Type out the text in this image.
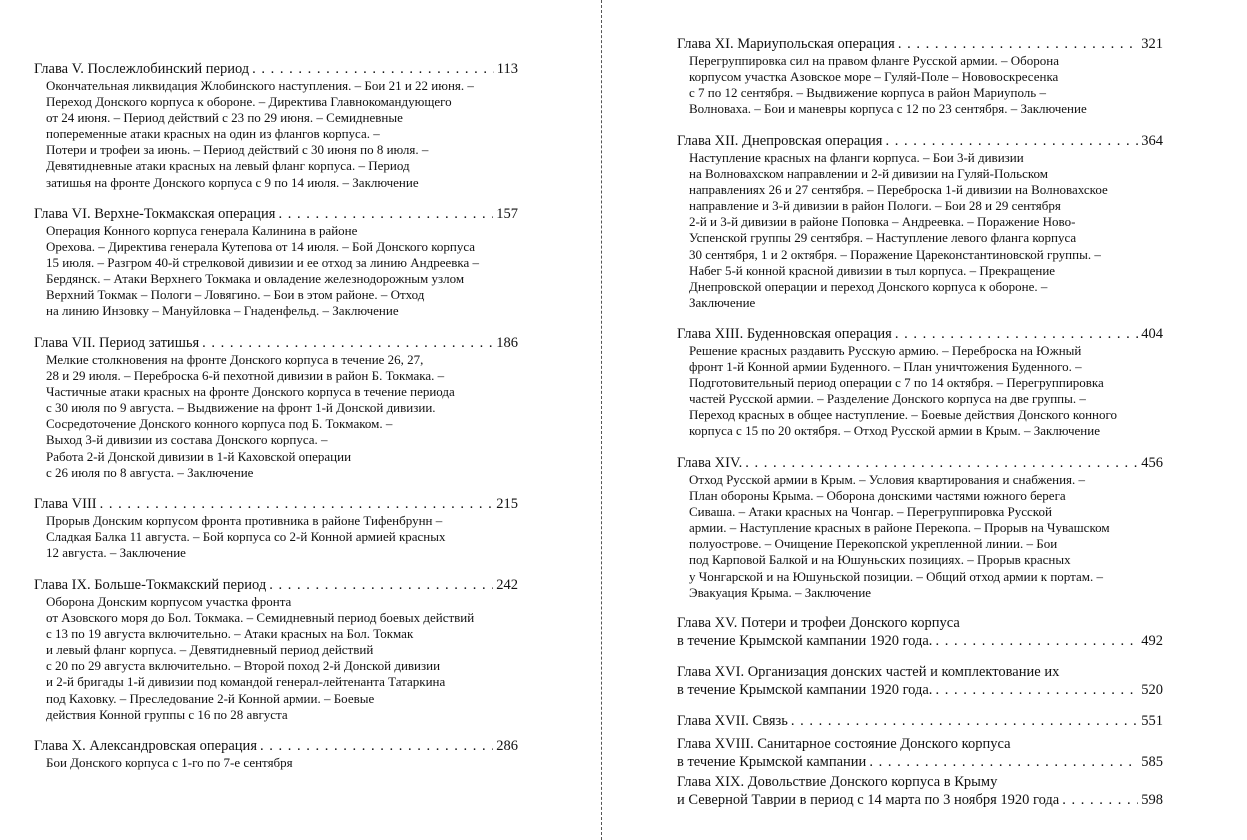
Глава V. Послежлобинский период . . .	113
Окончательная ликвидация Жлобинского наступления. – Бои 21 и 22 июня. –
Переход Донского корпуса к обороне. – Директива Главнокомандующего
от 24 июня. – Период действий с 23 по 29 июня. – Семидневные
попеременные атаки красных на один из флангов корпуса. –
Потери и трофеи за июнь. – Период действий с 30 июня по 8 июля. –
Девятидневные атаки красных на левый фланг корпуса. – Период
затишья на фронте Донского корпуса с 9 по 14 июля. – Заключение
Глава VI. Верхне-Токмакская операция . . .	157
Операция Конного корпуса генерала Калинина в районе
Орехова. – Директива генерала Кутепова от 14 июля. – Бой Донского корпуса
15 июля. – Разгром 40-й стрелковой дивизии и ее отход за линию Андреевка –
Бердянск. – Атаки Верхнего Токмака и овладение железнодорожным узлом
Верхний Токмак – Пологи – Ловягино. – Бои в этом районе. – Отход
на линию Инзовку – Мануйловка – Гнаденфельд. – Заключение
Глава VII. Период затишья . . .	186
Мелкие столкновения на фронте Донского корпуса в течение 26, 27,
28 и 29 июля. – Переброска 6-й пехотной дивизии в район Б. Токмака. –
Частичные атаки красных на фронте Донского корпуса в течение периода
с 30 июля по 9 августа. – Выдвижение на фронт 1-й Донской дивизии.
Сосредоточение Донского конного корпуса под Б. Токмаком. –
Выход 3-й дивизии из состава Донского корпуса. –
Работа 2-й Донской дивизии в 1-й Каховской операции
с 26 июля по 8 августа. – Заключение
Глава VIII . . .	215
Прорыв Донским корпусом фронта противника в районе Тифенбрунн –
Сладкая Балка 11 августа. – Бой корпуса со 2-й Конной армией красных
12 августа. – Заключение
Глава IX. Больше-Токмакский период . . .	242
Оборона Донским корпусом участка фронта
от Азовского моря до Бол. Токмака. – Семидневный период боевых действий
с 13 по 19 августа включительно. – Атаки красных на Бол. Токмак
и левый фланг корпуса. – Девятидневный период действий
с 20 по 29 августа включительно. – Второй поход 2-й Донской дивизии
и 2-й бригады 1-й дивизии под командой генерал-лейтенанта Татаркина
под Каховку. – Преследование 2-й Конной армии. – Боевые
действия Конной группы с 16 по 28 августа
Глава X. Александровская операция . . .	286
Бои Донского корпуса с 1-го по 7-е сентября
Глава XI. Мариупольская операция . . .	321
Перегруппировка сил на правом фланге Русской армии. – Оборона
корпусом участка Азовское море – Гуляй-Поле – Нововоскресенка
с 7 по 12 сентября. – Выдвижение корпуса в район Мариуполь –
Волноваха. – Бои и маневры корпуса с 12 по 23 сентября. – Заключение
Глава XII. Днепровская операция . . .	364
Наступление красных на фланги корпуса. – Бои 3-й дивизии
на Волновахском направлении и 2-й дивизии на Гуляй-Польском
направлениях 26 и 27 сентября. – Переброска 1-й дивизии на Волновахское
направление и 3-й дивизии в район Пологи. – Бои 28 и 29 сентября
2-й и 3-й дивизии в районе Поповка – Андреевка. – Поражение Ново-
Успенской группы 29 сентября. – Наступление левого фланга корпуса
30 сентября, 1 и 2 октября. – Поражение Цареконстантиновской группы. –
Набег 5-й конной красной дивизии в тыл корпуса. – Прекращение
Днепровской операции и переход Донского корпуса к обороне. –
Заключение
Глава XIII. Буденновская операция . . .	404
Решение красных раздавить Русскую армию. – Переброска на Южный
фронт 1-й Конной армии Буденного. – План уничтожения Буденного. –
Подготовительный период операции с 7 по 14 октября. – Перегруппировка
частей Русской армии. – Разделение Донского корпуса на две группы. –
Переход красных в общее наступление. – Боевые действия Донского конного
корпуса с 15 по 20 октября. – Отход Русской армии в Крым. – Заключение
Глава XIV. . . .	456
Отход Русской армии в Крым. – Условия квартирования и снабжения. –
План обороны Крыма. – Оборона донскими частями южного берега
Сиваша. – Атаки красных на Чонгар. – Перегруппировка Русской
армии. – Наступление красных в районе Перекопа. – Прорыв на Чувашском
полуострове. – Очищение Перекопской укрепленной линии. – Бои
под Карповой Балкой и на Юшуньских позициях. – Прорыв красных
у Чонгарской и на Юшуньской позиции. – Общий отход армии к портам. –
Эвакуация Крыма. – Заключение
Глава XV. Потери и трофеи Донского корпуса
в течение Крымской кампании 1920 года. . . .	492
Глава XVI. Организация донских частей и комплектование их
в течение Крымской кампании 1920 года. . . .	520
Глава XVII. Связь . . .	551
Глава XVIII. Санитарное состояние Донского корпуса
в течение Крымской кампании . . .	585
Глава XIX. Довольствие Донского корпуса в Крыму
и Северной Таврии в период с 14 марта по 3 ноября 1920 года . . .	598
